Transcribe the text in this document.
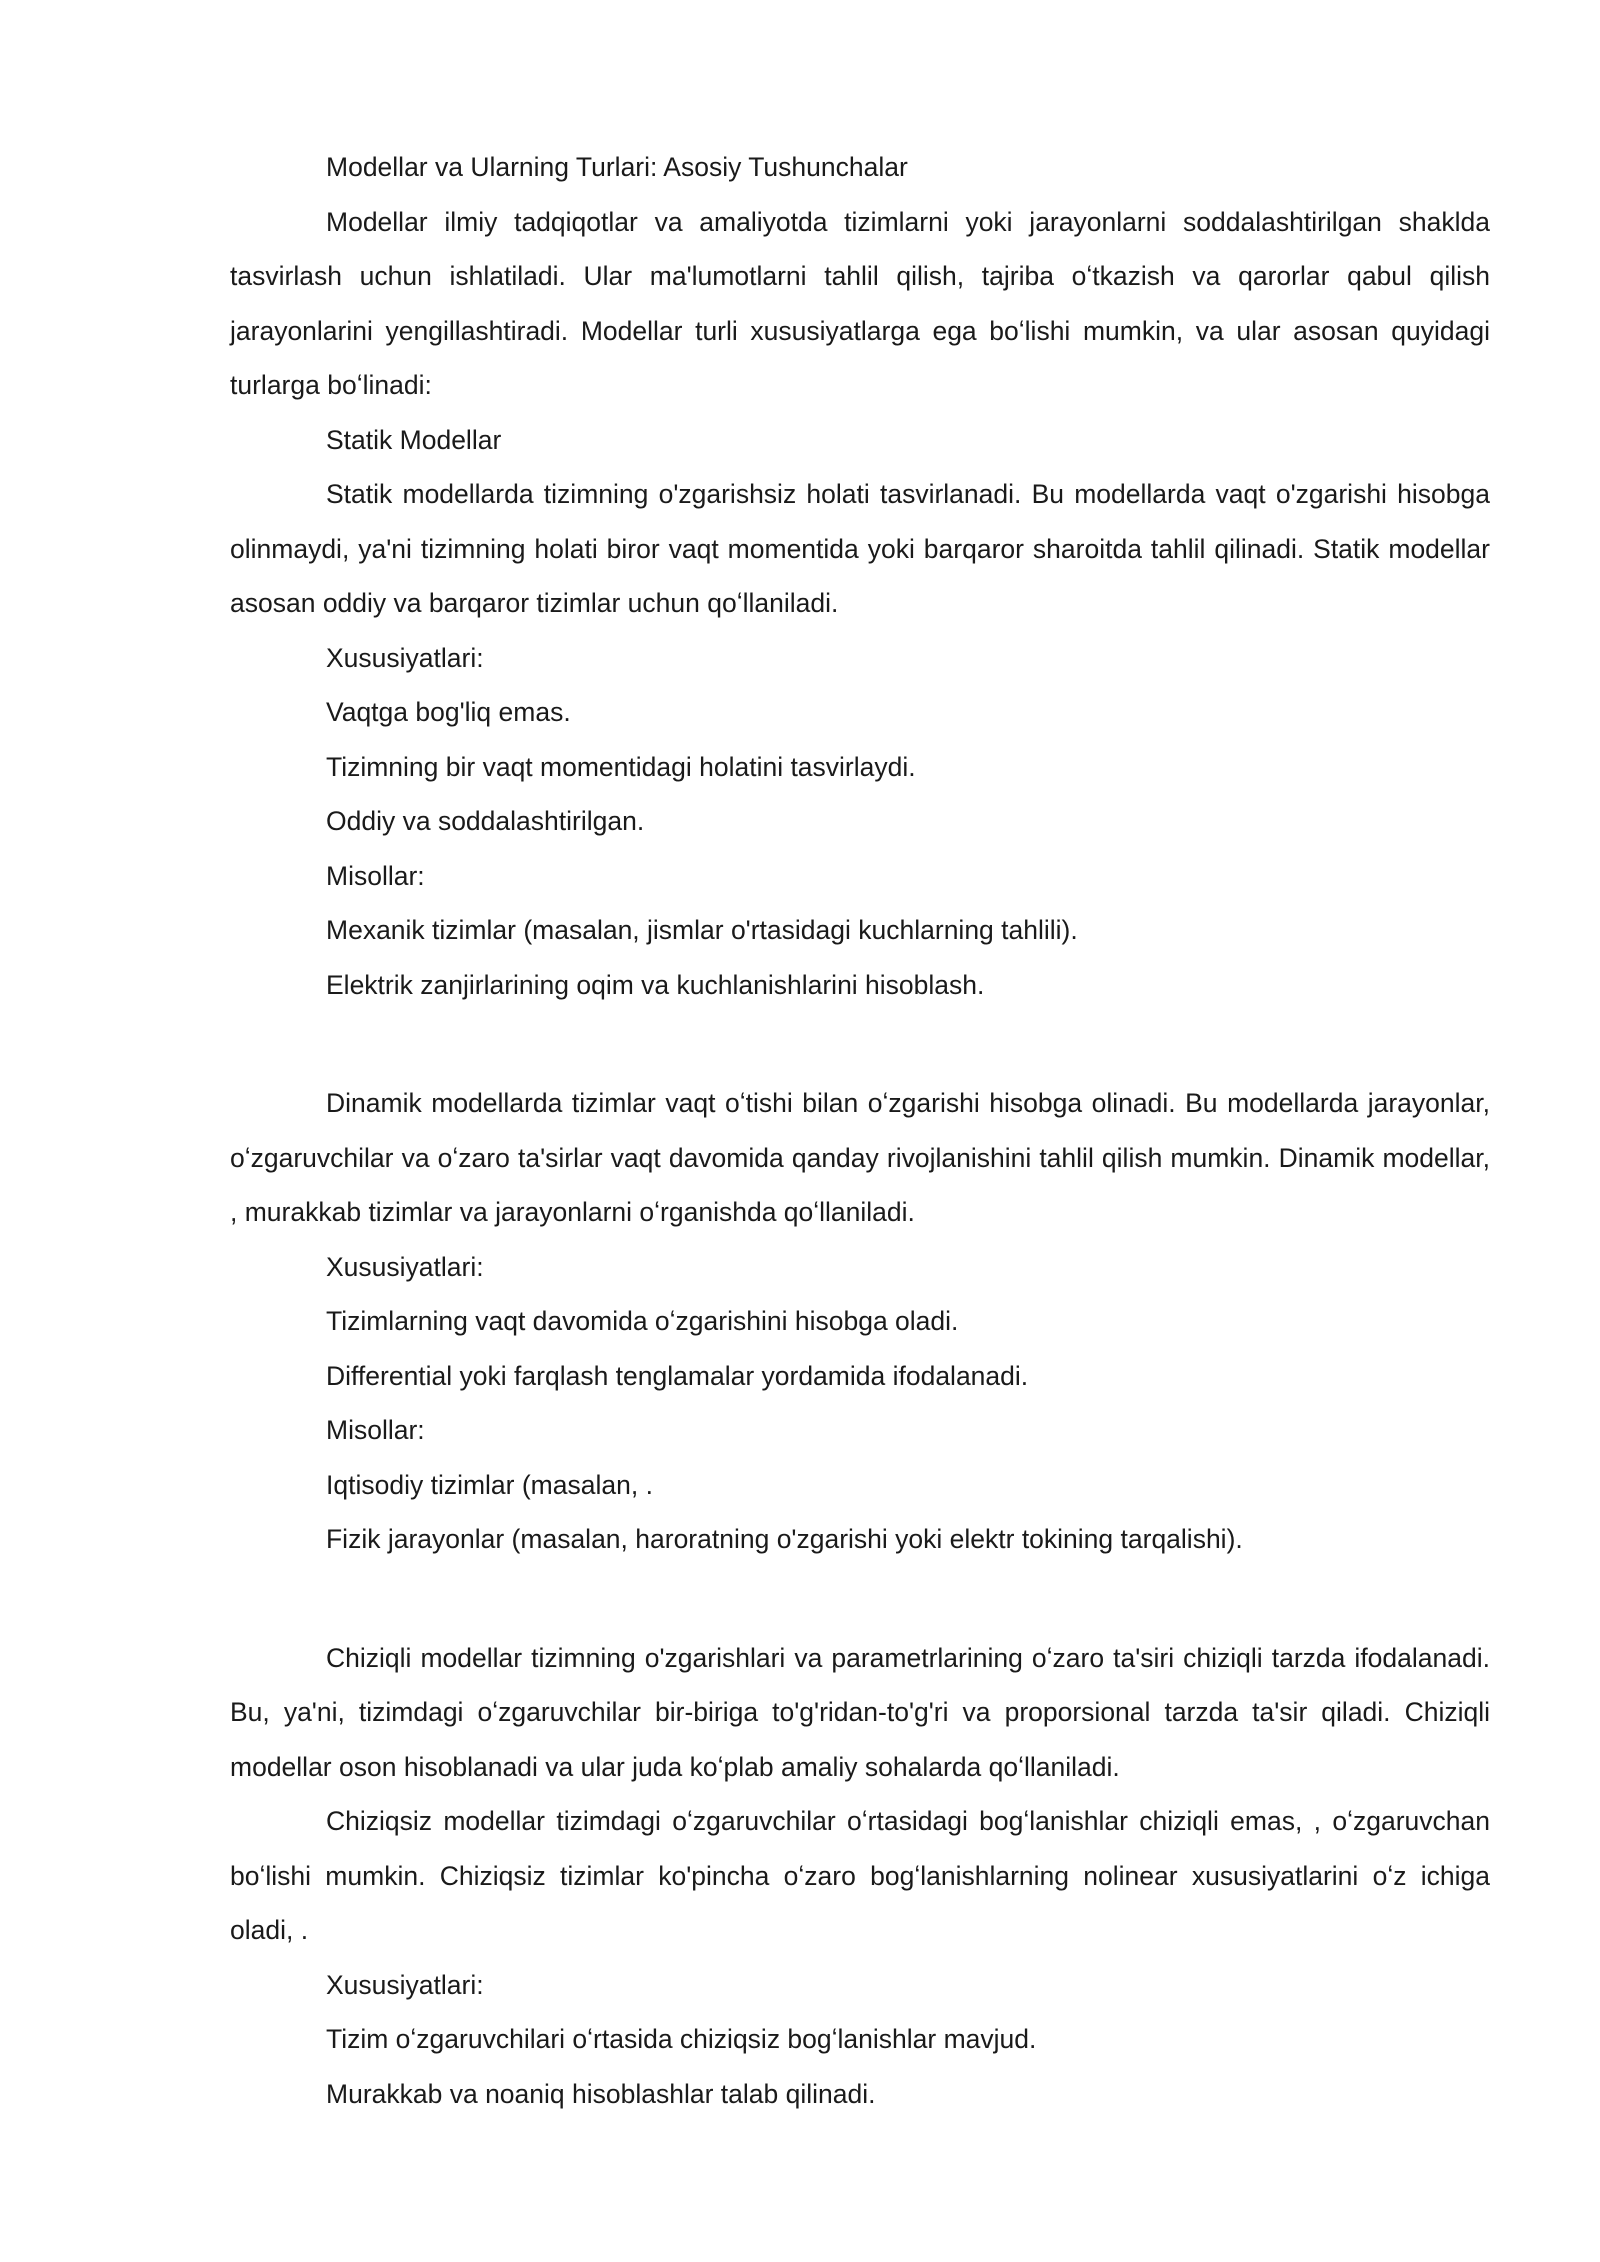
Modellar va Ularning Turlari: Asosiy Tushunchalar

Modellar ilmiy tadqiqotlar va amaliyotda tizimlarni yoki jarayonlarni soddalashtirilgan shaklda tasvirlash uchun ishlatiladi. Ular ma'lumotlarni tahlil qilish, tajriba oʻtkazish va qarorlar qabul qilish jarayonlarini yengillashtiradi. Modellar turli xususiyatlarga ega boʻlishi mumkin, va ular asosan quyidagi turlarga boʻlinadi:

Statik Modellar

Statik modellarda tizimning o'zgarishsiz holati tasvirlanadi. Bu modellarda vaqt o'zgarishi hisobga olinmaydi, ya'ni tizimning holati biror vaqt momentida yoki barqaror sharoitda tahlil qilinadi. Statik modellar asosan oddiy va barqaror tizimlar uchun qoʻllaniladi.

Xususiyatlari:

Vaqtga bog'liq emas.

Tizimning bir vaqt momentidagi holatini tasvirlaydi.

Oddiy va soddalashtirilgan.

Misollar:

Mexanik tizimlar (masalan, jismlar o'rtasidagi kuchlarning tahlili).

Elektrik zanjirlarining oqim va kuchlanishlarini hisoblash.

Dinamik modellarda tizimlar vaqt oʻtishi bilan oʻzgarishi hisobga olinadi. Bu modellarda jarayonlar, oʻzgaruvchilar va oʻzaro ta'sirlar vaqt davomida qanday rivojlanishini tahlil qilish mumkin. Dinamik modellar, , murakkab tizimlar va jarayonlarni oʻrganishda qoʻllaniladi.

Xususiyatlari:

Tizimlarning vaqt davomida oʻzgarishini hisobga oladi.

Differential yoki farqlash tenglamalar yordamida ifodalanadi.

Misollar:

Iqtisodiy tizimlar (masalan, .

Fizik jarayonlar (masalan, haroratning o'zgarishi yoki elektr tokining tarqalishi).

Chiziqli modellar tizimning o'zgarishlari va parametrlarining oʻzaro ta'siri chiziqli tarzda ifodalanadi. Bu, ya'ni, tizimdagi oʻzgaruvchilar bir-biriga to'g'ridan-to'g'ri va proporsional tarzda ta'sir qiladi. Chiziqli modellar oson hisoblanadi va ular juda koʻplab amaliy sohalarda qoʻllaniladi.

Chiziqsiz modellar tizimdagi oʻzgaruvchilar oʻrtasidagi bogʻlanishlar chiziqli emas, , oʻzgaruvchan boʻlishi mumkin. Chiziqsiz tizimlar ko'pincha oʻzaro bogʻlanishlarning nolinear xususiyatlarini oʻz ichiga oladi, .

Xususiyatlari:

Tizim oʻzgaruvchilari oʻrtasida chiziqsiz bogʻlanishlar mavjud.

Murakkab va noaniq hisoblashlar talab qilinadi.
